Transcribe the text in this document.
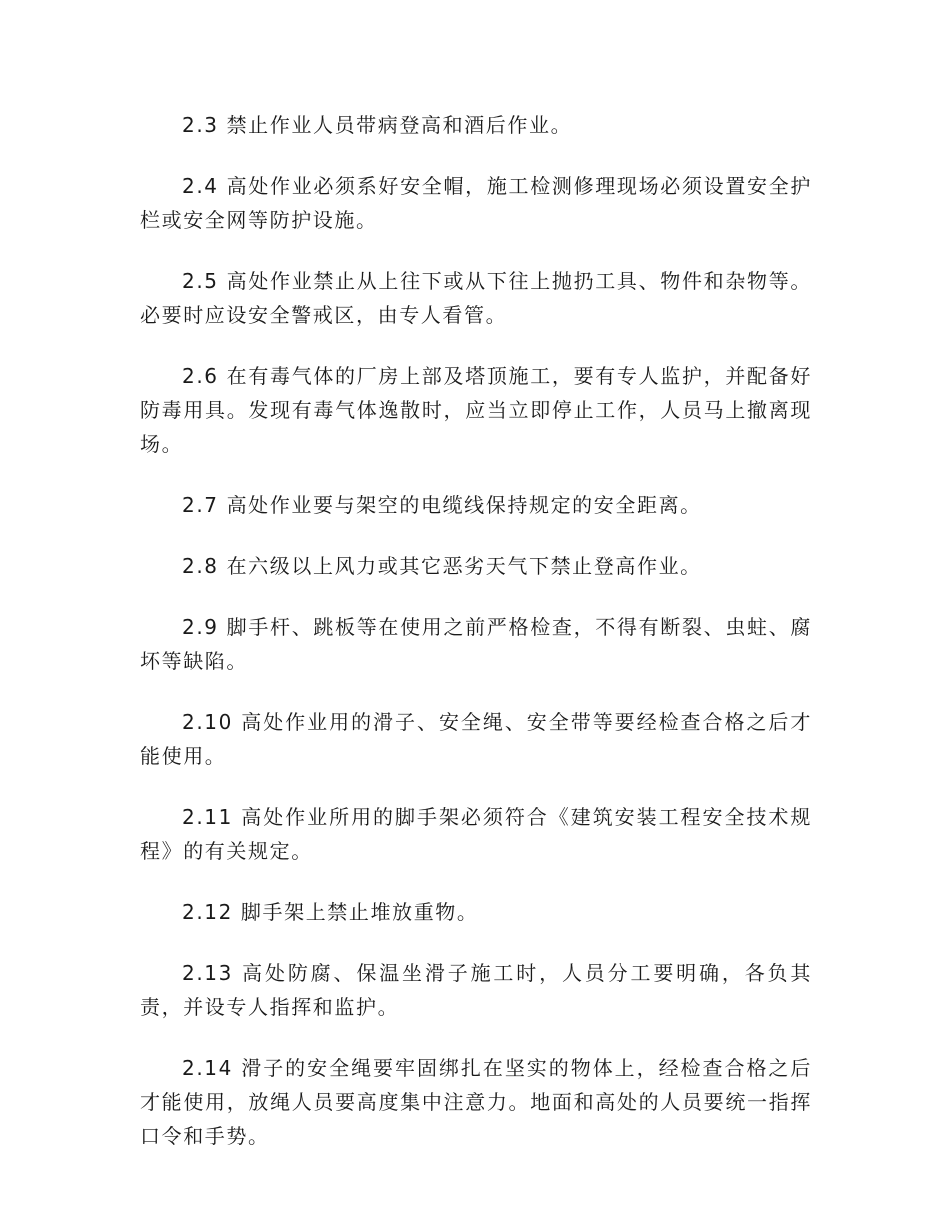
2.3 禁止作业人员带病登高和酒后作业。

2.4 高处作业必须系好安全帽，施工检测修理现场必须设置安全护栏或安全网等防护设施。

2.5 高处作业禁止从上往下或从下往上抛扔工具、物件和杂物等。必要时应设安全警戒区，由专人看管。

2.6 在有毒气体的厂房上部及塔顶施工，要有专人监护，并配备好防毒用具。发现有毒气体逸散时，应当立即停止工作，人员马上撤离现场。

2.7 高处作业要与架空的电缆线保持规定的安全距离。

2.8 在六级以上风力或其它恶劣天气下禁止登高作业。

2.9 脚手杆、跳板等在使用之前严格检查，不得有断裂、虫蛀、腐坏等缺陷。

2.10 高处作业用的滑子、安全绳、安全带等要经检查合格之后才能使用。

2.11 高处作业所用的脚手架必须符合《建筑安装工程安全技术规程》的有关规定。

2.12 脚手架上禁止堆放重物。

2.13 高处防腐、保温坐滑子施工时，人员分工要明确，各负其责，并设专人指挥和监护。

2.14 滑子的安全绳要牢固绑扎在坚实的物体上，经检查合格之后才能使用，放绳人员要高度集中注意力。地面和高处的人员要统一指挥口令和手势。
